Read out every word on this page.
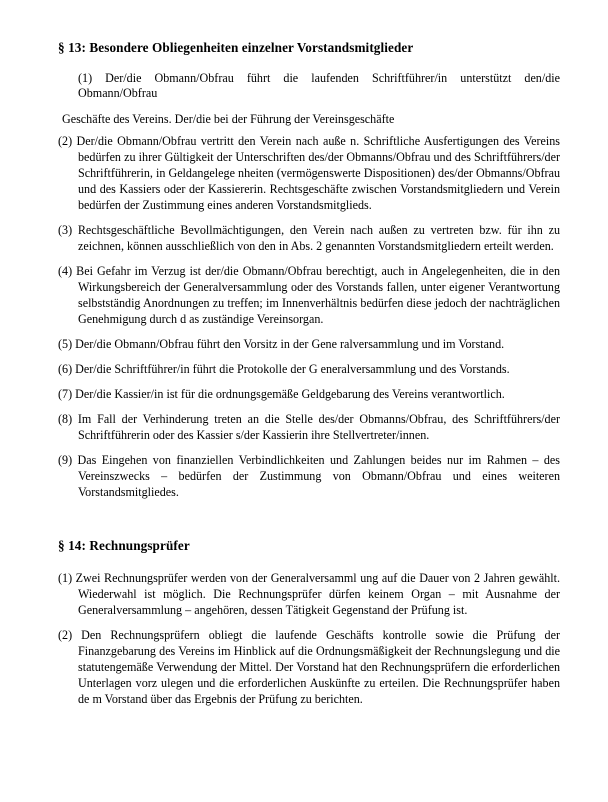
§ 13: Besondere Obliegenheiten einzelner Vorstandsmitglieder

(1) Der/die Obmann/Obfrau führt die laufenden Schriftführer/in unterstützt den/die Obmann/Obfrau

Geschäfte des Vereins. Der/die bei der Führung der Vereinsgeschäfte

(2) Der/die Obmann/Obfrau vertritt den Verein nach auße n. Schriftliche Ausfertigungen des Vereins bedürfen zu ihrer Gültigkeit der Unterschriften des/der Obmanns/Obfrau und des Schriftführers/der Schriftführerin, in Geldangelege nheiten (vermögenswerte Dispositionen) des/der Obmanns/Obfrau und des Kassiers oder der Kassiererin. Rechtsgeschäfte zwischen Vorstandsmitgliedern und Verein bedürfen der Zustimmung eines anderen Vorstandsmitglieds.

(3) Rechtsgeschäftliche Bevollmächtigungen, den Verein nach außen zu vertreten bzw. für ihn zu zeichnen, können ausschließlich von den in Abs. 2 genannten Vorstandsmitgliedern erteilt werden.

(4) Bei Gefahr im Verzug ist der/die Obmann/Obfrau berechtigt, auch in Angelegenheiten, die in den Wirkungsbereich der Generalversammlung oder des Vorstands fallen, unter eigener Verantwortung selbstständig Anordnungen zu treffen; im Innenverhältnis bedürfen diese jedoch der nachträglichen Genehmigung durch d as zuständige Vereinsorgan.

(5) Der/die Obmann/Obfrau führt den Vorsitz in der Gene ralversammlung und im Vorstand.

(6) Der/die Schriftführer/in führt die Protokolle der G eneralversammlung und des Vorstands.

(7) Der/die Kassier/in ist für die ordnungsgemäße Geldgebarung des Vereins verantwortlich.

(8) Im Fall der Verhinderung treten an die Stelle des/der Obmanns/Obfrau, des Schriftführers/der Schriftführerin oder des Kassier s/der Kassierin ihre Stellvertreter/innen.

(9) Das Eingehen von finanziellen Verbindlichkeiten und Zahlungen beides nur im Rahmen – des Vereinszwecks – bedürfen der Zustimmung von Obmann/Obfrau und eines weiteren Vorstandsmitgliedes.

§ 14: Rechnungsprüfer

(1) Zwei Rechnungsprüfer werden von der Generalversamml ung auf die Dauer von 2 Jahren gewählt. Wiederwahl ist möglich. Die Rechnungsprüfer dürfen keinem Organ – mit Ausnahme der Generalversammlung – angehören, dessen Tätigkeit Gegenstand der Prüfung ist.

(2) Den Rechnungsprüfern obliegt die laufende Geschäfts kontrolle sowie die Prüfung der Finanzgebarung des Vereins im Hinblick auf die Ordnungsmäßigkeit der Rechnungslegung und die statutengemäße Verwendung der Mittel. Der Vorstand hat den Rechnungsprüfern die erforderlichen Unterlagen vorz ulegen und die erforderlichen Auskünfte zu erteilen. Die Rechnungsprüfer haben de m Vorstand über das Ergebnis der Prüfung zu berichten.
